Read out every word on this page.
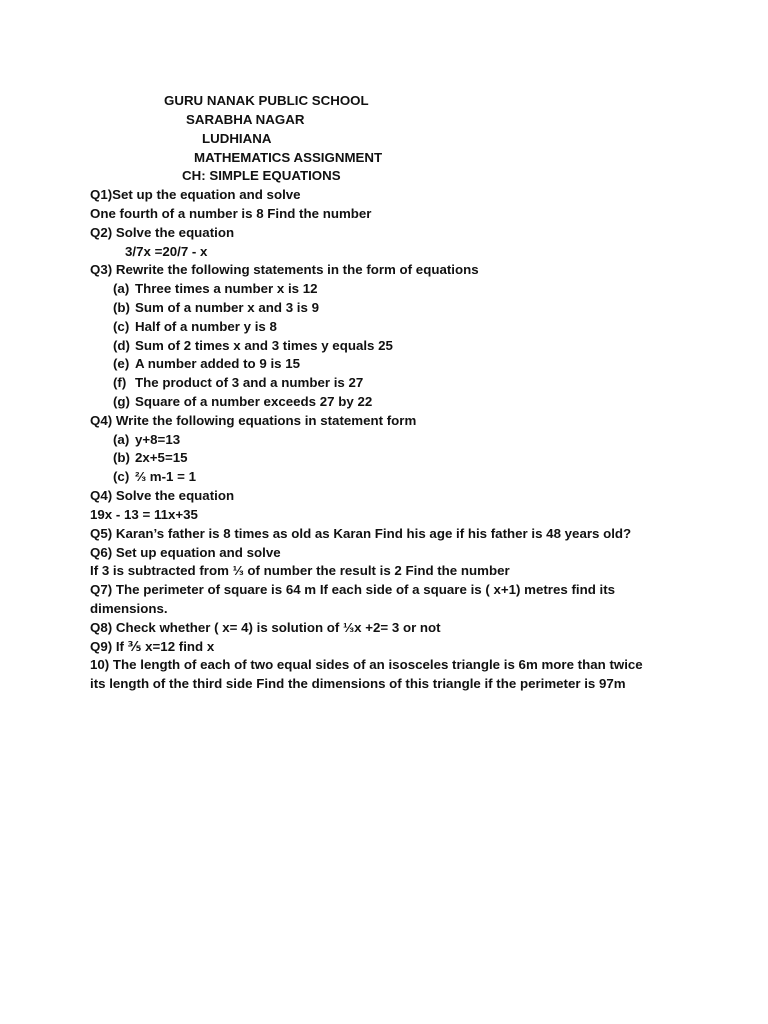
GURU NANAK PUBLIC SCHOOL
SARABHA NAGAR
LUDHIANA
MATHEMATICS ASSIGNMENT
CH: SIMPLE EQUATIONS
Q1)Set up the equation and solve
One fourth of a number is 8 Find the number
Q2) Solve the equation
3/7x =20/7 - x
Q3) Rewrite the following statements in the form of equations
(a) Three times a number x is 12
(b) Sum of a number x and 3 is 9
(c) Half of a number y is 8
(d) Sum of 2 times x and 3 times y equals 25
(e) A number added to 9 is 15
(f) The product of 3 and a number is 27
(g) Square of a number exceeds 27 by 22
Q4) Write the following equations in statement form
(a) y+8=13
(b) 2x+5=15
(c) ⅔ m-1 = 1
Q4) Solve the equation
19x - 13 = 11x+35
Q5) Karan’s father is 8 times as old as Karan Find his age if his father is 48 years old?
Q6) Set up equation and solve
If 3 is subtracted from ⅓ of number the result is 2 Find the number
Q7) The perimeter of square is 64 m If each side of a square is ( x+1) metres find its
dimensions.
Q8) Check whether ( x= 4) is solution of ⅓x +2= 3 or not
Q9) If ⅗ x=12 find x
10) The length of each of two equal sides of an isosceles triangle is 6m more than twice
its length of the third side Find the dimensions of this triangle if the perimeter is 97m
